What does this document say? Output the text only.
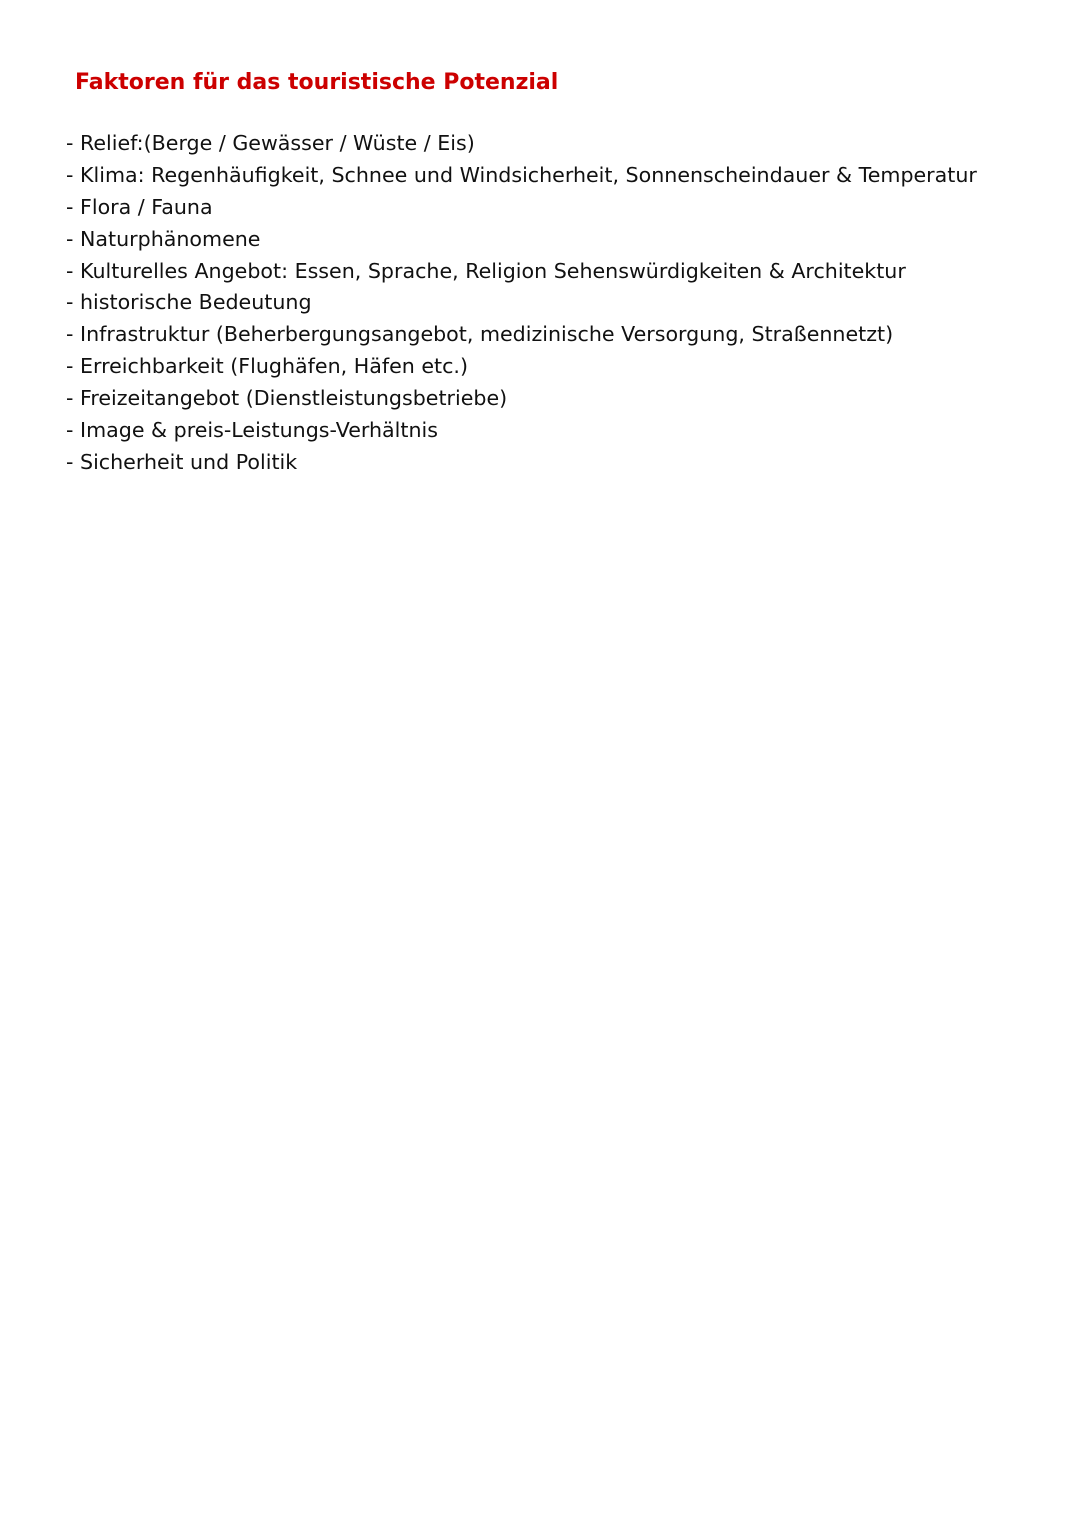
Faktoren für das touristische Potenzial
- Relief:(Berge / Gewässer / Wüste / Eis)
- Klima: Regenhäufigkeit, Schnee und Windsicherheit, Sonnenscheindauer & Temperatur
- Flora / Fauna
- Naturphänomene
- Kulturelles Angebot: Essen, Sprache, Religion Sehenswürdigkeiten & Architektur
- historische Bedeutung
- Infrastruktur (Beherbergungsangebot, medizinische Versorgung, Straßennetzt)
- Erreichbarkeit (Flughäfen, Häfen etc.)
- Freizeitangebot (Dienstleistungsbetriebe)
- Image & preis-Leistungs-Verhältnis
- Sicherheit und Politik
